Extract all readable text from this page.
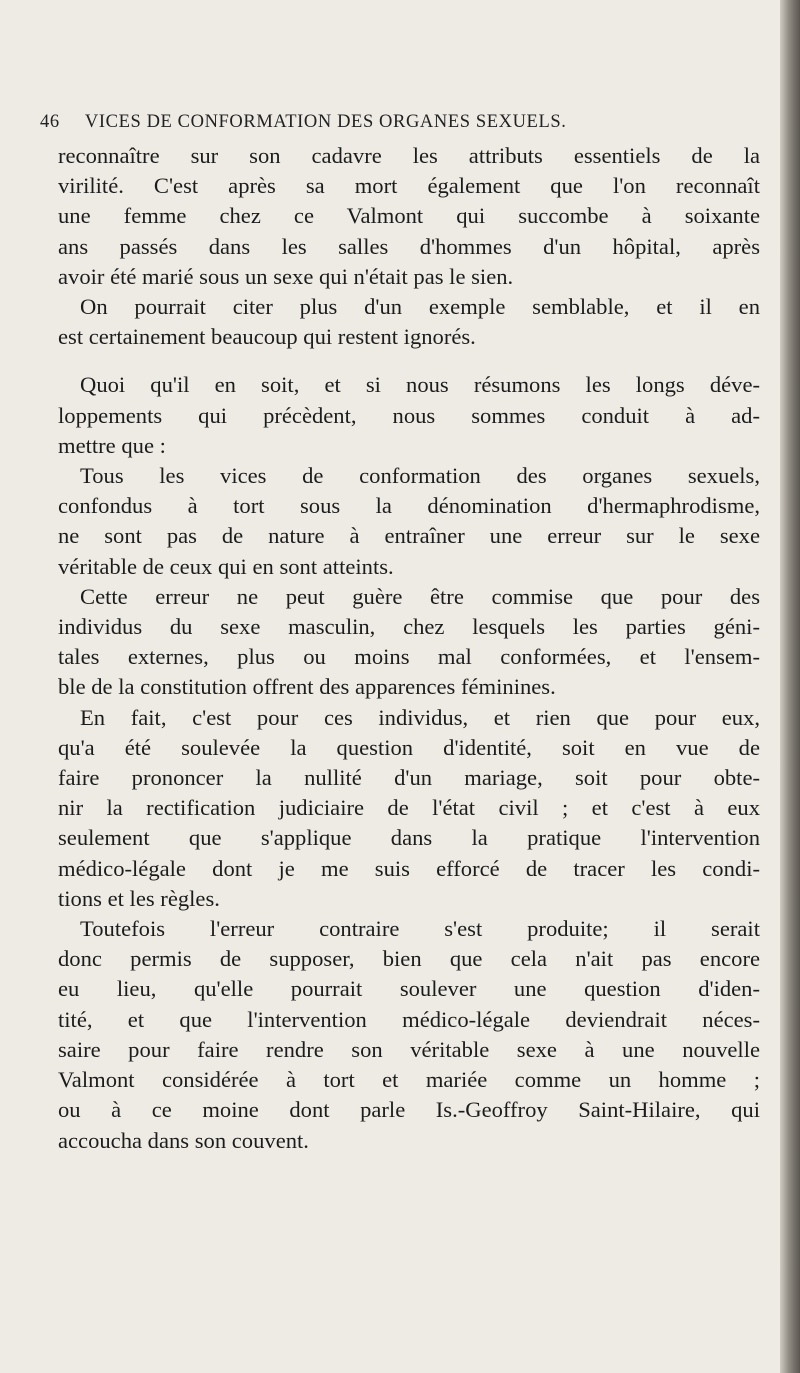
46 VICES DE CONFORMATION DES ORGANES SEXUELS.

reconnaître sur son cadavre les attributs essentiels de la
virilité. C'est après sa mort également que l'on reconnaît
une femme chez ce Valmont qui succombe à soixante
ans passés dans les salles d'hommes d'un hôpital, après
avoir été marié sous un sexe qui n'était pas le sien.

On pourrait citer plus d'un exemple semblable, et il en
est certainement beaucoup qui restent ignorés.

Quoi qu'il en soit, et si nous résumons les longs déve-
loppements qui précèdent, nous sommes conduit à ad-
mettre que :

Tous les vices de conformation des organes sexuels,
confondus à tort sous la dénomination d'hermaphrodisme,
ne sont pas de nature à entraîner une erreur sur le sexe
véritable de ceux qui en sont atteints.

Cette erreur ne peut guère être commise que pour des
individus du sexe masculin, chez lesquels les parties géni-
tales externes, plus ou moins mal conformées, et l'ensem-
ble de la constitution offrent des apparences féminines.

En fait, c'est pour ces individus, et rien que pour eux,
qu'a été soulevée la question d'identité, soit en vue de
faire prononcer la nullité d'un mariage, soit pour obte-
nir la rectification judiciaire de l'état civil ; et c'est à eux
seulement que s'applique dans la pratique l'intervention
médico-légale dont je me suis efforcé de tracer les condi-
tions et les règles.

Toutefois l'erreur contraire s'est produite; il serait
donc permis de supposer, bien que cela n'ait pas encore
eu lieu, qu'elle pourrait soulever une question d'iden-
tité, et que l'intervention médico-légale deviendrait néces-
saire pour faire rendre son véritable sexe à une nouvelle
Valmont considérée à tort et mariée comme un homme ;
ou à ce moine dont parle Is.-Geoffroy Saint-Hilaire, qui
accoucha dans son couvent.
